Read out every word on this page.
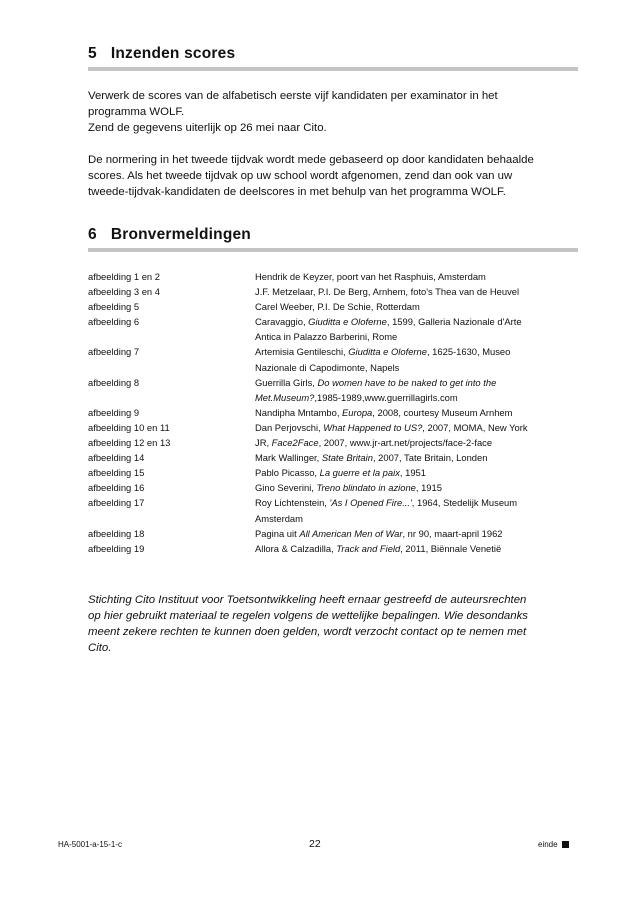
5 Inzenden scores

Verwerk de scores van de alfabetisch eerste vijf kandidaten per examinator in het

programma WOLF.

Zend de gegevens uiterlijk op 26 mei naar Cito.

De normering in het tweede tijdvak wordt mede gebaseerd op door kandidaten behaalde

scores. Als het tweede tijdvak op uw school wordt afgenomen, zend dan ook van uw

tweede-tijdvak-kandidaten de deelscores in met behulp van het programma WOLF.

6 Bronvermeldingen
afbeelding 1 en 2	Hendrik de Keyzer, poort van het Rasphuis, Amsterdam
afbeelding 3 en 4	J.F. Metzelaar, P.I. De Berg, Arnhem, foto's Thea van de Heuvel
afbeelding 5	Carel Weeber, P.I. De Schie, Rotterdam
afbeelding 6	Caravaggio, Giuditta e Oloferne, 1599, Galleria Nazionale d'Arte
Antica in Palazzo Barberini, Rome
afbeelding 7	Artemisia Gentileschi, Giuditta e Oloferne, 1625-1630, Museo
Nazionale di Capodimonte, Napels
afbeelding 8	Guerrilla Girls, Do women have to be naked to get into the
Met.Museum?,1985-1989,www.guerrillagirls.com
afbeelding 9	Nandipha Mntambo, Europa, 2008, courtesy Museum Arnhem
afbeelding 10 en 11	Dan Perjovschi, What Happened to US?, 2007, MOMA, New York
afbeelding 12 en 13	JR, Face2Face, 2007, www.jr-art.net/projects/face-2-face
afbeelding 14	Mark Wallinger, State Britain, 2007, Tate Britain, Londen
afbeelding 15	Pablo Picasso, La guerre et la paix, 1951
afbeelding 16	Gino Severini, Treno blindato in azione, 1915
afbeelding 17	Roy Lichtenstein, 'As I Opened Fire...', 1964, Stedelijk Museum
Amsterdam
afbeelding 18	Pagina uit All American Men of War, nr 90, maart-april 1962
afbeelding 19	Allora & Calzadilla, Track and Field, 2011, Biënnale Venetië
Stichting Cito Instituut voor Toetsontwikkeling heeft ernaar gestreefd de auteursrechten
op hier gebruikt materiaal te regelen volgens de wettelijke bepalingen. Wie desondanks
meent zekere rechten te kunnen doen gelden, wordt verzocht contact op te nemen met
Cito.
HA-5001-a-15-1-c	22	einde
